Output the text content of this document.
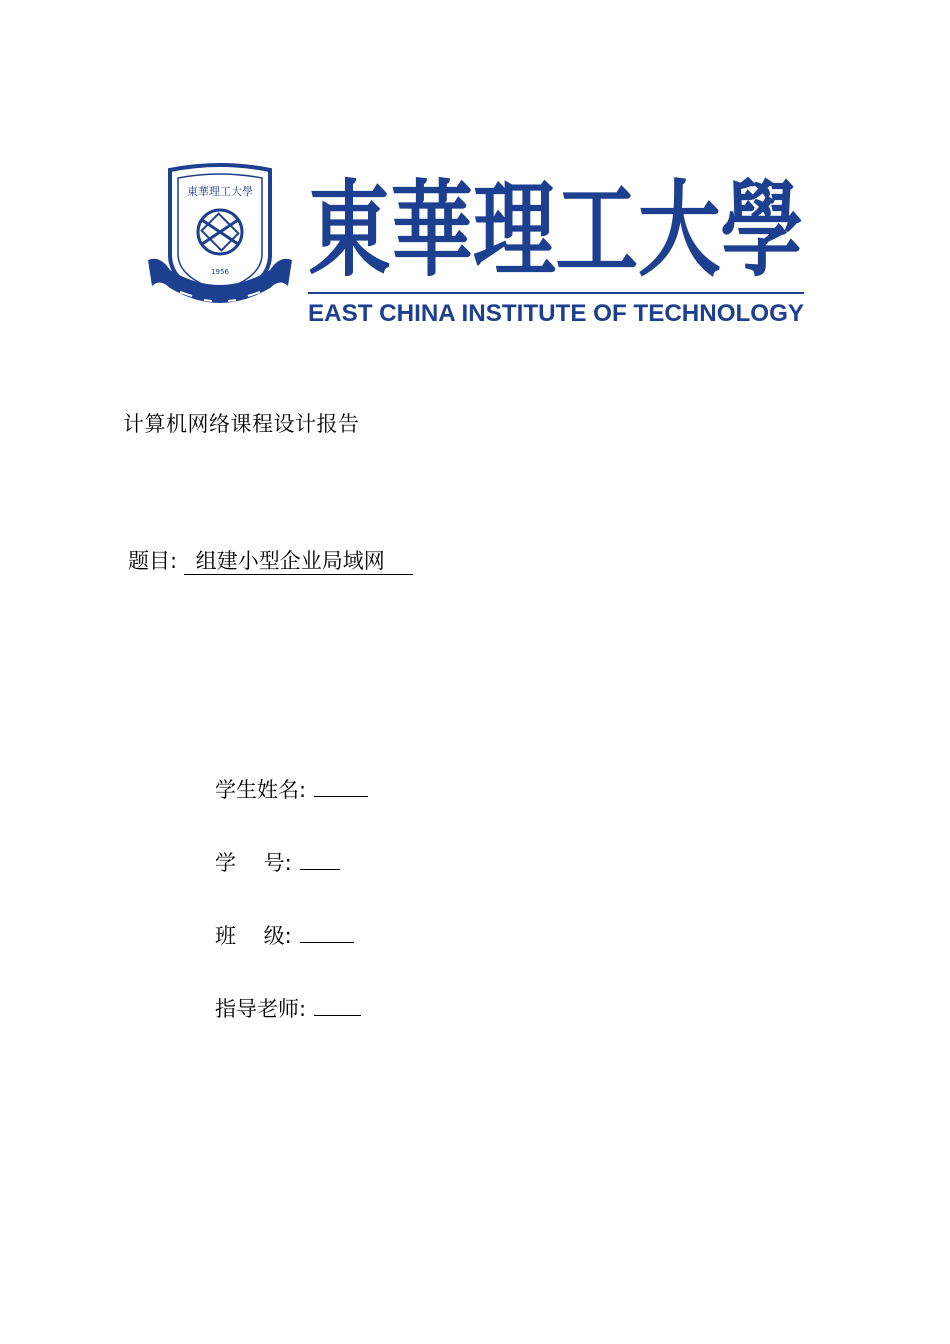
東華理工大學
1956 東華理工大學
EAST CHINA INSTITUTE OF TECHNOLOGY
计算机网络课程设计报告
题目: 组建小型企业局域网
学生姓名:
学　 号:
班　 级:
指导老师:
